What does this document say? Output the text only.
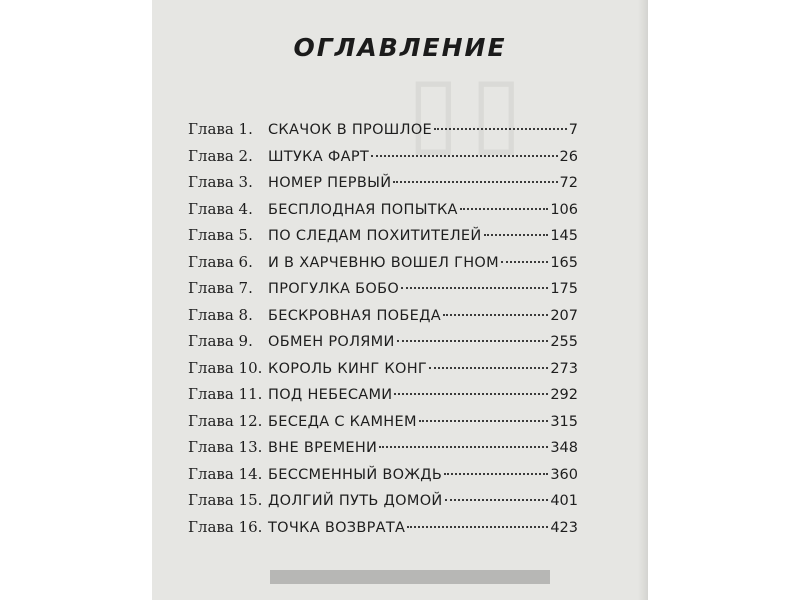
▯▯
ОГЛАВЛЕНИЕ
Глава 1.	СКАЧОК В ПРОШЛОЕ	7
Глава 2.	ШТУКА ФАРТ	26
Глава 3.	НОМЕР ПЕРВЫЙ	72
Глава 4.	БЕСПЛОДНАЯ ПОПЫТКА	106
Глава 5.	ПО СЛЕДАМ ПОХИТИТЕЛЕЙ	145
Глава 6.	И В ХАРЧЕВНЮ ВОШЕЛ ГНОМ	165
Глава 7.	ПРОГУЛКА БОБО	175
Глава 8.	БЕСКРОВНАЯ ПОБЕДА	207
Глава 9.	ОБМЕН РОЛЯМИ	255
Глава 10. КОРОЛЬ КИНГ КОНГ	273
Глава 11. ПОД НЕБЕСАМИ	292
Глава 12. БЕСЕДА С КАМНЕМ	315
Глава 13. ВНЕ ВРЕМЕНИ	348
Глава 14. БЕССМЕННЫЙ ВОЖДЬ	360
Глава 15. ДОЛГИЙ ПУТЬ ДОМОЙ	401
Глава 16. ТОЧКА ВОЗВРАТА	423
